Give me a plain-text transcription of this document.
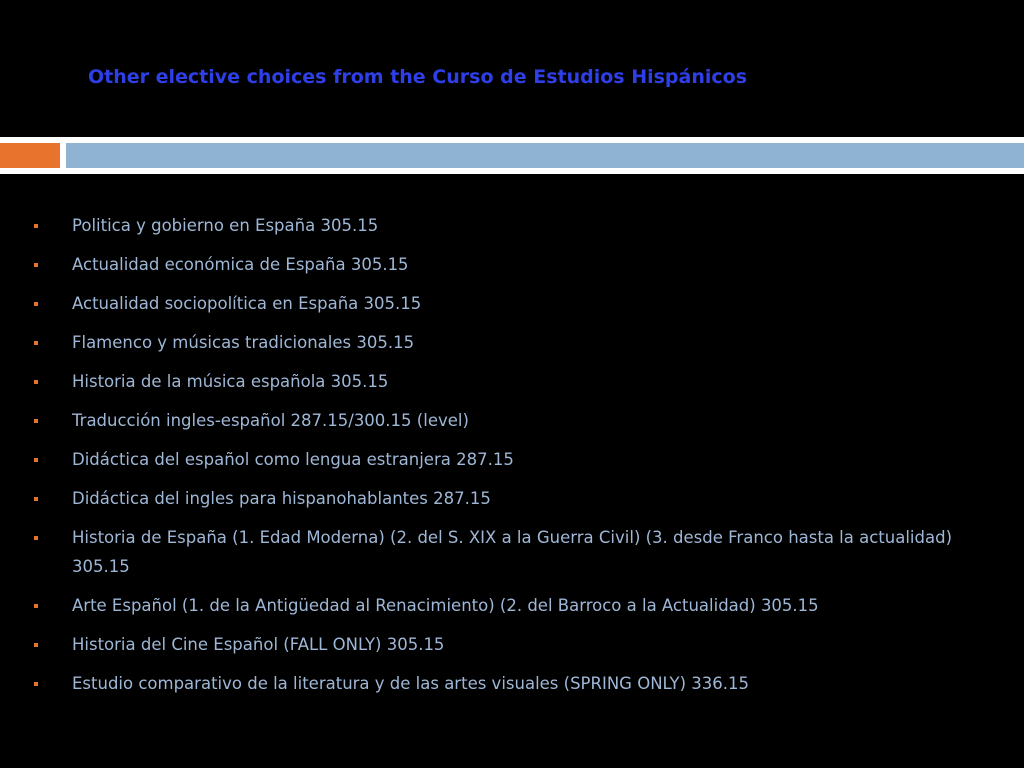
Other elective choices from the Curso de Estudios Hispánicos
Politica y gobierno en España 305.15
Actualidad económica de España 305.15
Actualidad sociopolítica en España 305.15
Flamenco y músicas tradicionales 305.15
Historia de la música española 305.15
Traducción ingles-español 287.15/300.15 (level)
Didáctica del español como lengua estranjera 287.15
Didáctica del ingles para hispanohablantes 287.15
Historia de España (1. Edad Moderna) (2. del S. XIX a la Guerra Civil) (3. desde Franco hasta la actualidad) 305.15
Arte Español (1. de la Antigüedad al Renacimiento) (2. del Barroco a la Actualidad) 305.15
Historia del Cine Español (FALL ONLY) 305.15
Estudio comparativo de la literatura y de las artes visuales (SPRING ONLY) 336.15
